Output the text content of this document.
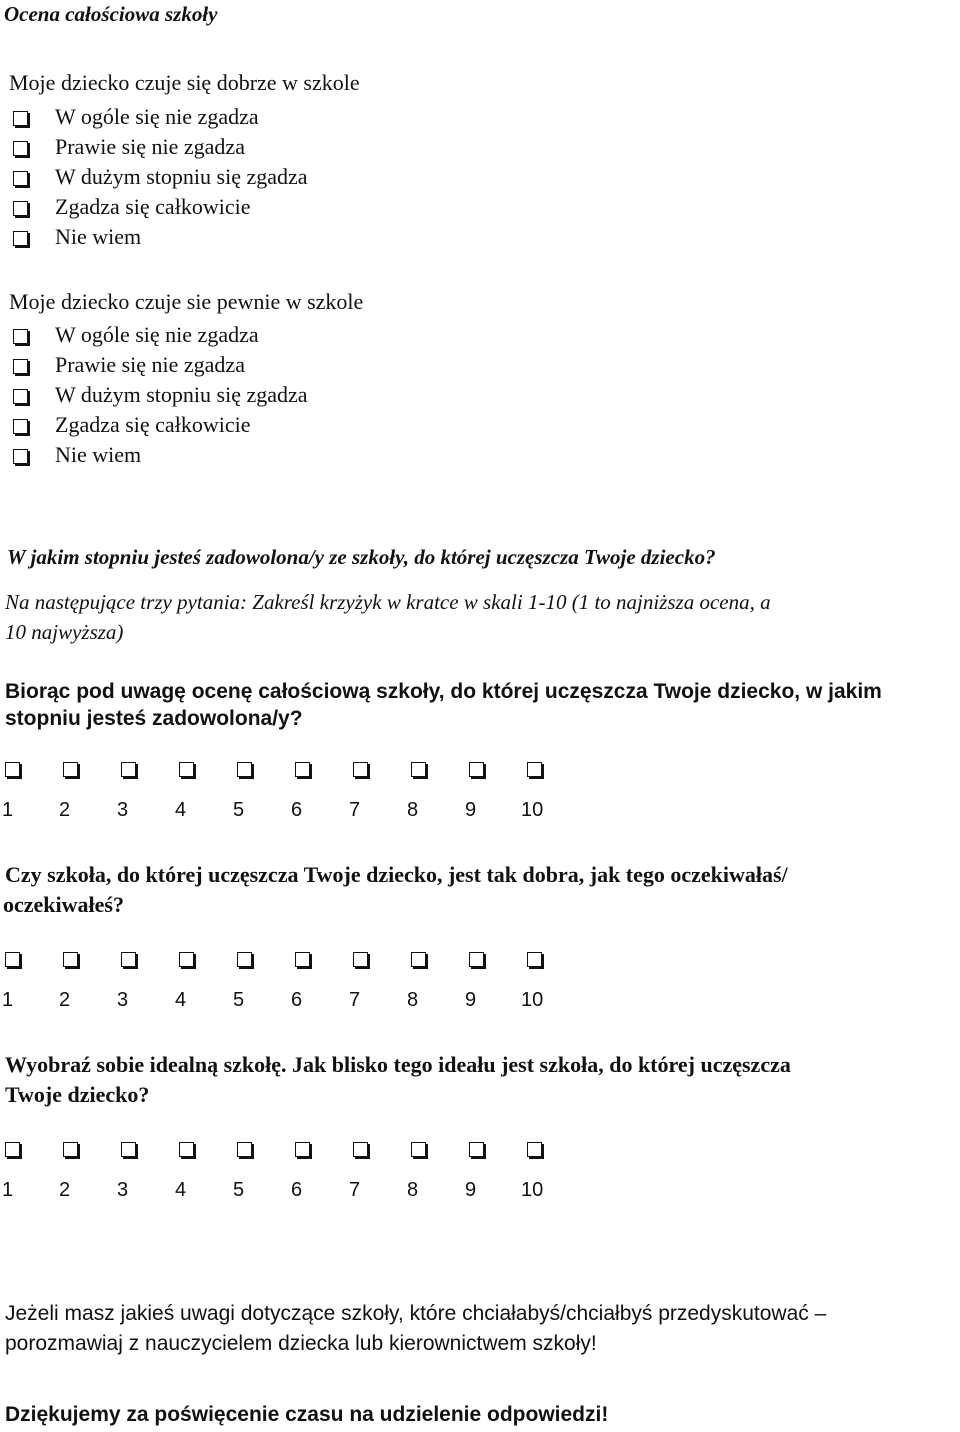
Ocena całościowa szkoły
Moje dziecko czuje się dobrze w szkole
W ogóle się nie zgadza
Prawie się nie zgadza
W dużym stopniu się zgadza
Zgadza się całkowicie
Nie wiem
Moje dziecko czuje sie pewnie w szkole
W ogóle się nie zgadza
Prawie się nie zgadza
W dużym stopniu się zgadza
Zgadza się całkowicie
Nie wiem
W jakim stopniu jesteś zadowolona/y ze szkoły, do której uczęszcza Twoje dziecko?
Na następujące trzy pytania: Zakreśl krzyżyk w kratce w skali 1-10 (1 to najniższa ocena, a
10 najwyższa)
Biorąc pod uwagę ocenę całościową szkoły, do której uczęszcza Twoje dziecko, w jakim
stopniu jesteś zadowolona/y?
1 2 3 4 5 6 7 8 9 10
Czy szkoła, do której uczęszcza Twoje dziecko, jest tak dobra, jak tego oczekiwałaś/
oczekiwałeś?
1 2 3 4 5 6 7 8 9 10
Wyobraź sobie idealną szkołę. Jak blisko tego ideału jest szkoła, do której uczęszcza
Twoje dziecko?
1 2 3 4 5 6 7 8 9 10
Jeżeli masz jakieś uwagi dotyczące szkoły, które chciałabyś/chciałbyś przedyskutować –
porozmawiaj z nauczycielem dziecka lub kierownictwem szkoły!
Dziękujemy za poświęcenie czasu na udzielenie odpowiedzi!
